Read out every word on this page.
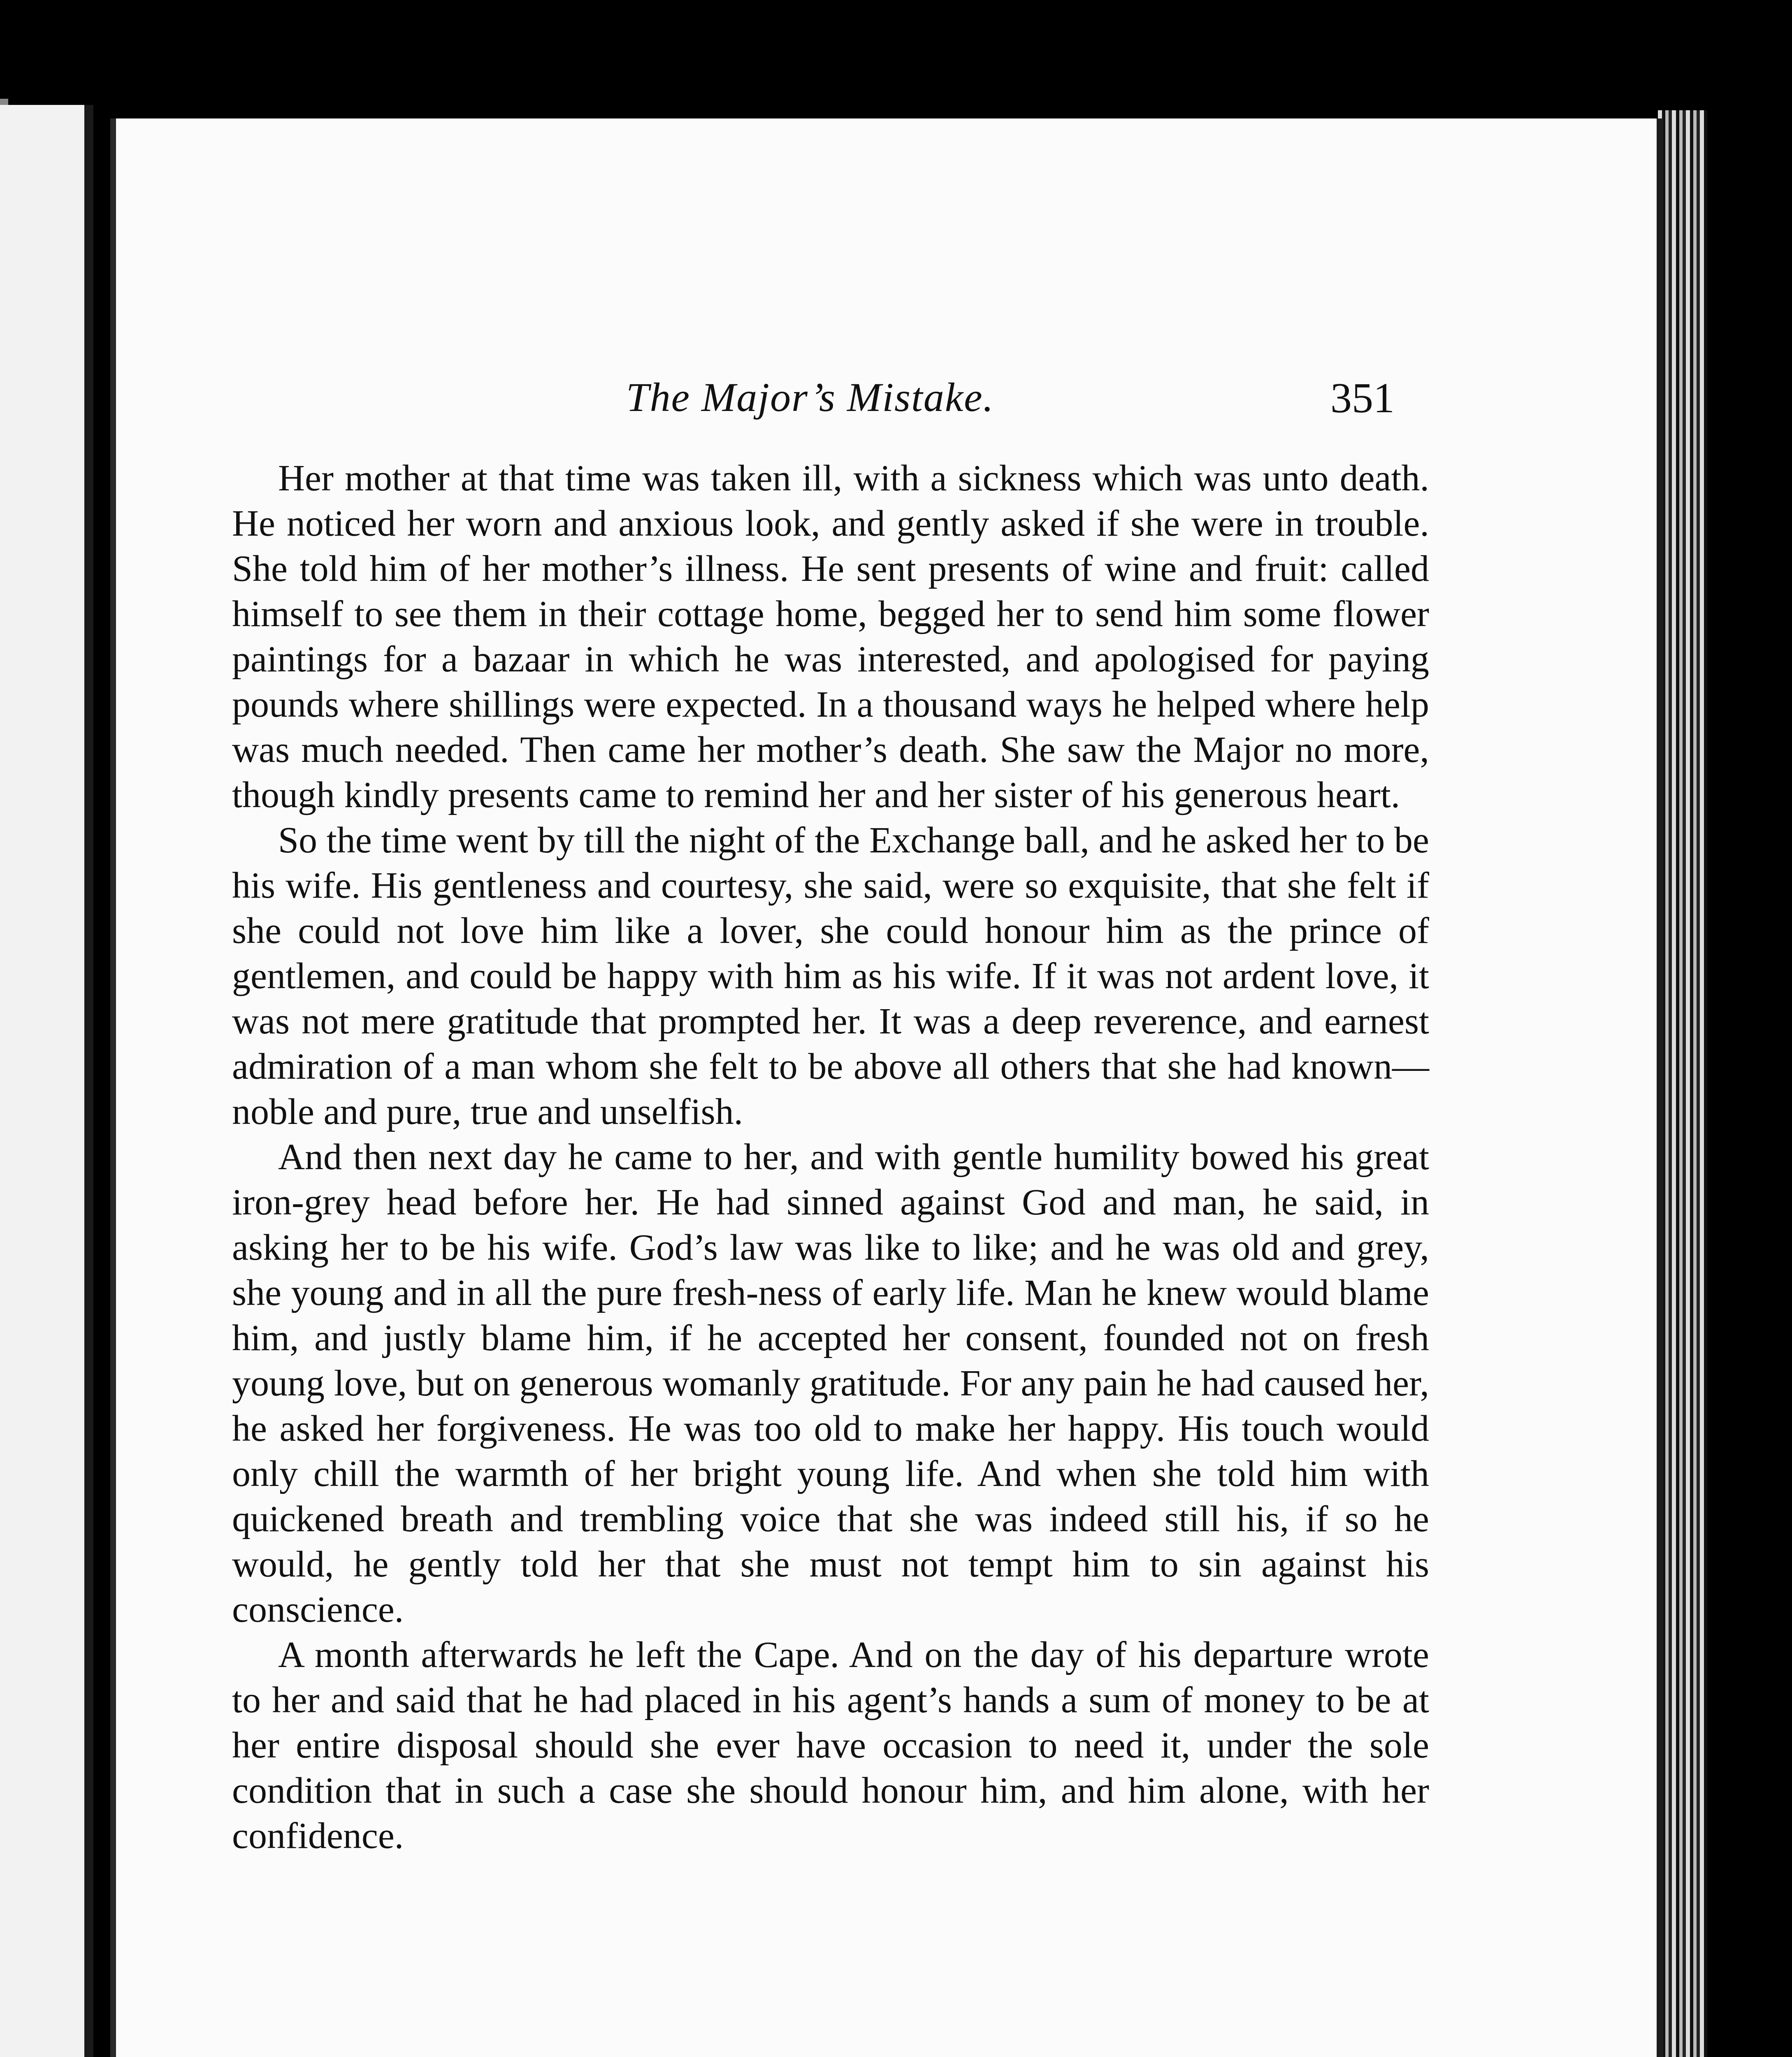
The Major’s Mistake.	351

Her mother at that time was taken ill, with a sickness which was unto death. He noticed her worn and anxious look, and gently asked if she were in trouble. She told him of her mother’s illness. He sent presents of wine and fruit: called himself to see them in their cottage home, begged her to send him some flower paintings for a bazaar in which he was interested, and apologised for paying pounds where shillings were expected. In a thousand ways he helped where help was much needed. Then came her mother’s death. She saw the Major no more, though kindly presents came to remind her and her sister of his generous heart.

So the time went by till the night of the Exchange ball, and he asked her to be his wife. His gentleness and courtesy, she said, were so exquisite, that she felt if she could not love him like a lover, she could honour him as the prince of gentlemen, and could be happy with him as his wife. If it was not ardent love, it was not mere gratitude that prompted her. It was a deep reverence, and earnest admiration of a man whom she felt to be above all others that she had known—noble and pure, true and unselfish.

And then next day he came to her, and with gentle humility bowed his great iron-grey head before her. He had sinned against God and man, he said, in asking her to be his wife. God’s law was like to like; and he was old and grey, she young and in all the pure fresh-ness of early life. Man he knew would blame him, and justly blame him, if he accepted her consent, founded not on fresh young love, but on generous womanly gratitude. For any pain he had caused her, he asked her forgiveness. He was too old to make her happy. His touch would only chill the warmth of her bright young life. And when she told him with quickened breath and trembling voice that she was indeed still his, if so he would, he gently told her that she must not tempt him to sin against his conscience.

A month afterwards he left the Cape. And on the day of his departure wrote to her and said that he had placed in his agent’s hands a sum of money to be at her entire disposal should she ever have occasion to need it, under the sole condition that in such a case she should honour him, and him alone, with her confidence.
